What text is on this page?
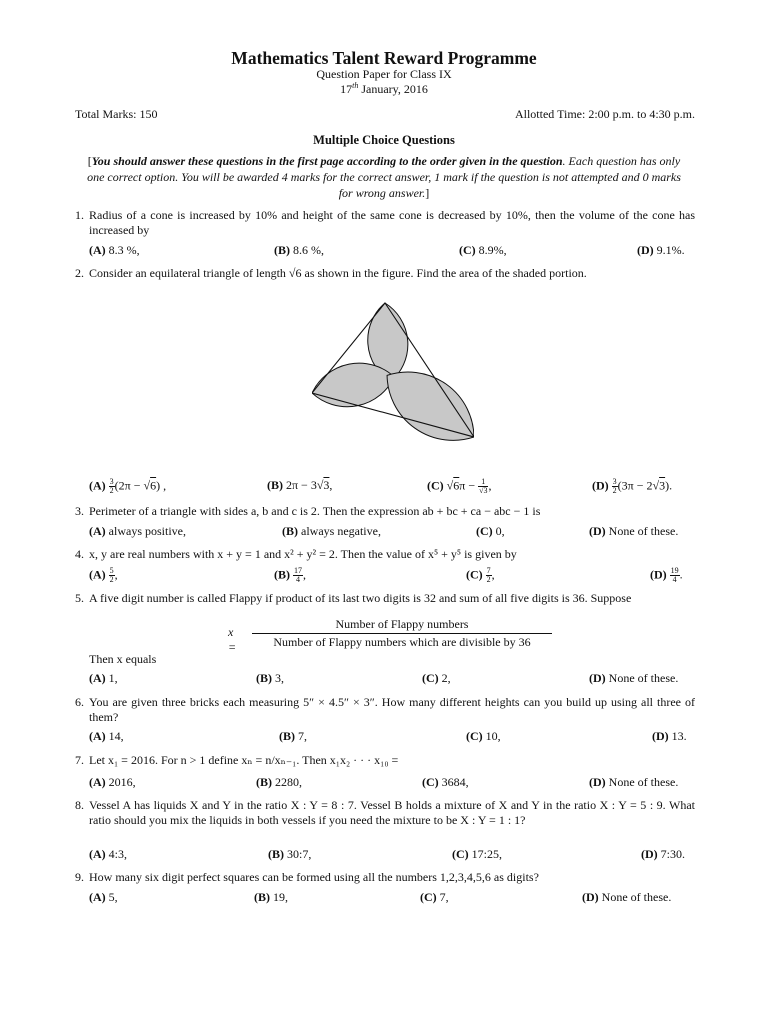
Mathematics Talent Reward Programme
Question Paper for Class IX
17th January, 2016
Total Marks: 150	Allotted Time: 2:00 p.m. to 4:30 p.m.
Multiple Choice Questions
[You should answer these questions in the first page according to the order given in the question. Each question has only one correct option. You will be awarded 4 marks for the correct answer, 1 mark if the question is not attempted and 0 marks for wrong answer.]
1. Radius of a cone is increased by 10% and height of the same cone is decreased by 10%, then the volume of the cone has increased by
(A) 8.3 %,	(B) 8.6 %,	(C) 8.9%,	(D) 9.1%.
2. Consider an equilateral triangle of length √6 as shown in the figure. Find the area of the shaded portion.
$(A) \frac{3}{2} (2\pi - √6)$ ,	(B) 2π − 3√3,	(C) $√6\pi - \frac{1}{√3}$ ,	$(D) \frac{3}{2} (3\pi - 2√3)$.
3. Perimeter of a triangle with sides a, b and c is 2. Then the expression ab + bc + ca − abc − 1 is
(A) always positive,	(B) always negative,	(C) 0,	(D) None of these.
4. x, y are real numbers with x + y = 1 and x² + y² = 2. Then the value of x⁵ + y⁵ is given by
$(A) \frac{5}{2}$ ,	$(B) \frac{17}{4}$ ,	$(C) \frac{7}{2}$ ,	$(D) \frac{19}{4}$ .
5. A five digit number is called Flappy if product of its last two digits is 32 and sum of all five digits is 36. Suppose
x =
Number of Flappy numbers
Number of Flappy numbers which are divisible by 36
Then x equals
(A) 1,	(B) 3,	(C) 2,	(D) None of these.
6. You are given three bricks each measuring 5″ × 4.5″ × 3″. How many different heights can you build up using all three of them?
(A) 14,	(B) 7,	(C) 10,	(D) 13.
7. Let x₁ = 2016. For n > 1 define xₙ = n/xₙ₋₁. Then x₁x₂ · · · x₁₀ =
(A) 2016,	(B) 2280,	(C) 3684,	(D) None of these.
8. Vessel A has liquids X and Y in the ratio X : Y = 8 : 7. Vessel B holds a mixture of X and Y in the ratio X : Y = 5 : 9. What ratio should you mix the liquids in both vessels if you need the mixture to be X : Y = 1 : 1?
(A) 4:3,	(B) 30:7,	(C) 17:25,	(D) 7:30.
9. How many six digit perfect squares can be formed using all the numbers 1,2,3,4,5,6 as digits?
(A) 5,	(B) 19,	(C) 7,	(D) None of these.
